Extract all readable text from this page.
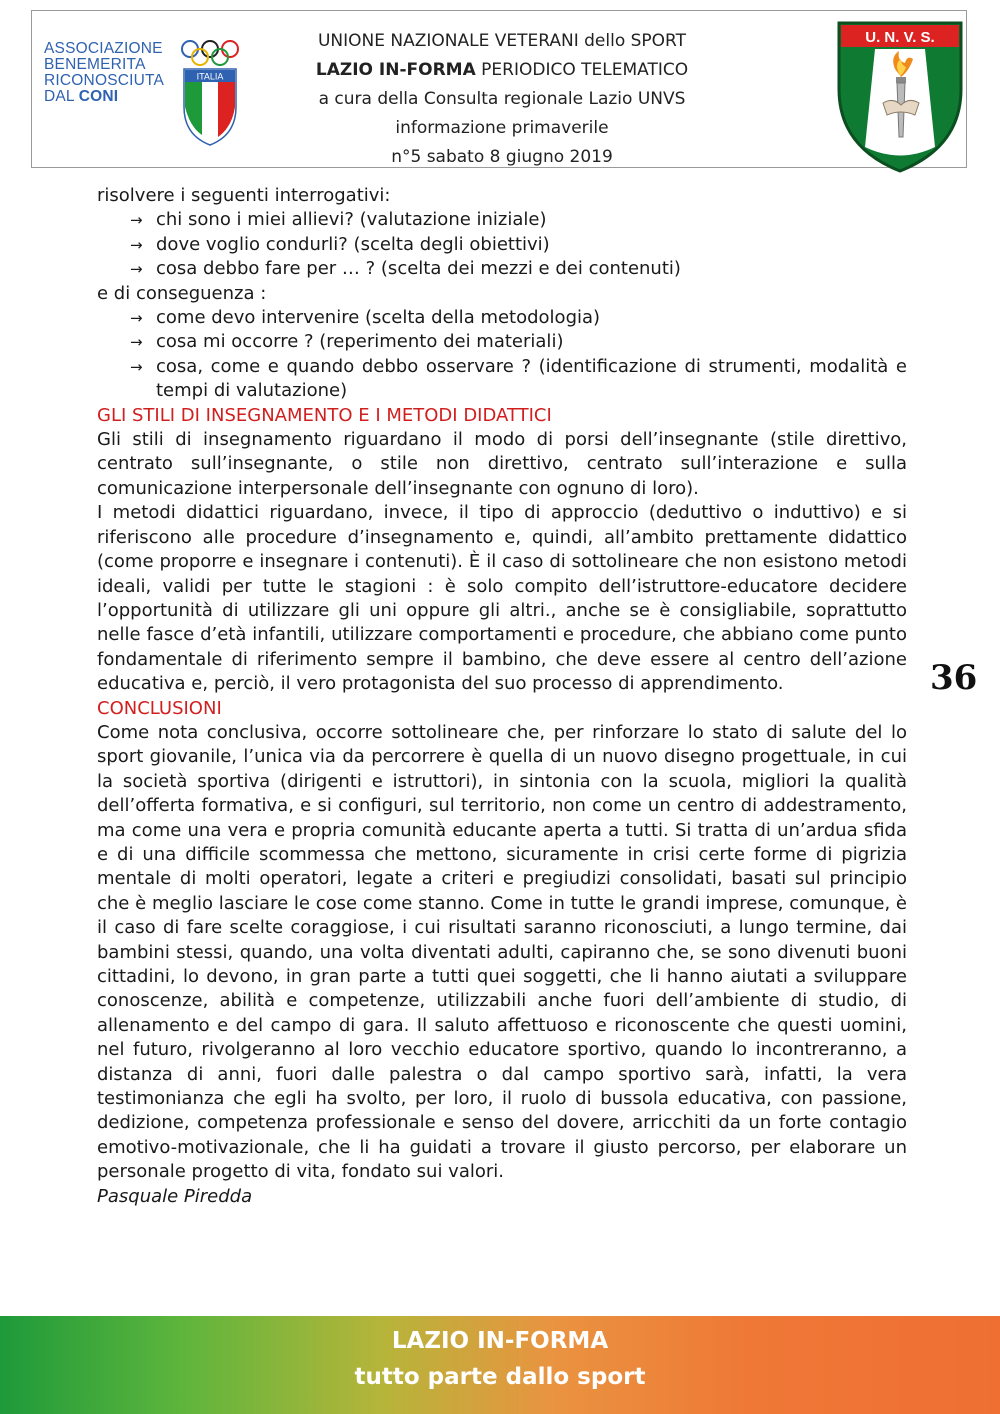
ASSOCIAZIONE
BENEMERITA
RICONOSCIUTA
DAL CONI
ITALIA
UNIONE NAZIONALE VETERANI dello SPORT
LAZIO IN-FORMA PERIODICO TELEMATICO
a cura della Consulta regionale Lazio UNVS
informazione primaverile
n°5 sabato 8 giugno 2019
U. N. V. S.

risolvere i seguenti interrogativi:

→ chi sono i miei allievi? (valutazione iniziale)
→ dove voglio condurli? (scelta degli obiettivi)
→ cosa debbo fare per … ? (scelta dei mezzi e dei contenuti)

e di conseguenza :

→ come devo intervenire (scelta della metodologia)
→ cosa mi occorre ? (reperimento dei materiali)
→ cosa, come e quando debbo osservare ? (identificazione di strumenti, modalità e tempi di valutazione)

GLI STILI DI INSEGNAMENTO E I METODI DIDATTICI

Gli stili di insegnamento riguardano il modo di porsi dell’insegnante (stile direttivo, centrato sull’insegnante, o stile non direttivo, centrato sull’interazione e sulla comunicazione interpersonale dell’insegnante con ognuno di loro).

I metodi didattici riguardano, invece, il tipo di approccio (deduttivo o induttivo) e si riferiscono alle procedure d’insegnamento e, quindi, all’ambito prettamente didattico (come proporre e insegnare i contenuti). È il caso di sottolineare che non esistono metodi ideali, validi per tutte le stagioni : è solo compito dell’istruttore-educatore decidere l’opportunità di utilizzare gli uni oppure gli altri., anche se è consigliabile, soprattutto nelle fasce d’età infantili, utilizzare comportamenti e procedure, che abbiano come punto fondamentale di riferimento sempre il bambino, che deve essere al centro dell’azione educativa e, perciò, il vero protagonista del suo processo di apprendimento.

CONCLUSIONI

Come nota conclusiva, occorre sottolineare che, per rinforzare lo stato di salute del lo sport giovanile, l’unica via da percorrere è quella di un nuovo disegno progettuale, in cui la società sportiva (dirigenti e istruttori), in sintonia con la scuola, migliori la qualità dell’offerta formativa, e si configuri, sul territorio, non come un centro di addestramento, ma come una vera e propria comunità educante aperta a tutti. Si tratta di un’ardua sfida e di una difficile scommessa che mettono, sicuramente in crisi certe forme di pigrizia mentale di molti operatori, legate a criteri e pregiudizi consolidati, basati sul principio che è meglio lasciare le cose come stanno. Come in tutte le grandi imprese, comunque, è il caso di fare scelte coraggiose, i cui risultati saranno riconosciuti, a lungo termine, dai bambini stessi, quando, una volta diventati adulti, capiranno che, se sono divenuti buoni cittadini, lo devono, in gran parte a tutti quei soggetti, che li hanno aiutati a sviluppare conoscenze, abilità e competenze, utilizzabili anche fuori dell’ambiente di studio, di allenamento e del campo di gara. Il saluto affettuoso e riconoscente che questi uomini, nel futuro, rivolgeranno al loro vecchio educatore sportivo, quando lo incontreranno, a distanza di anni, fuori dalle palestra o dal campo sportivo sarà, infatti, la vera testimonianza che egli ha svolto, per loro, il ruolo di bussola educativa, con passione, dedizione, competenza professionale e senso del dovere, arricchiti da un forte contagio emotivo-motivazionale, che li ha guidati a trovare il giusto percorso, per elaborare un personale progetto di vita, fondato sui valori.

Pasquale Piredda

36
LAZIO IN-FORMA
tutto parte dallo sport
